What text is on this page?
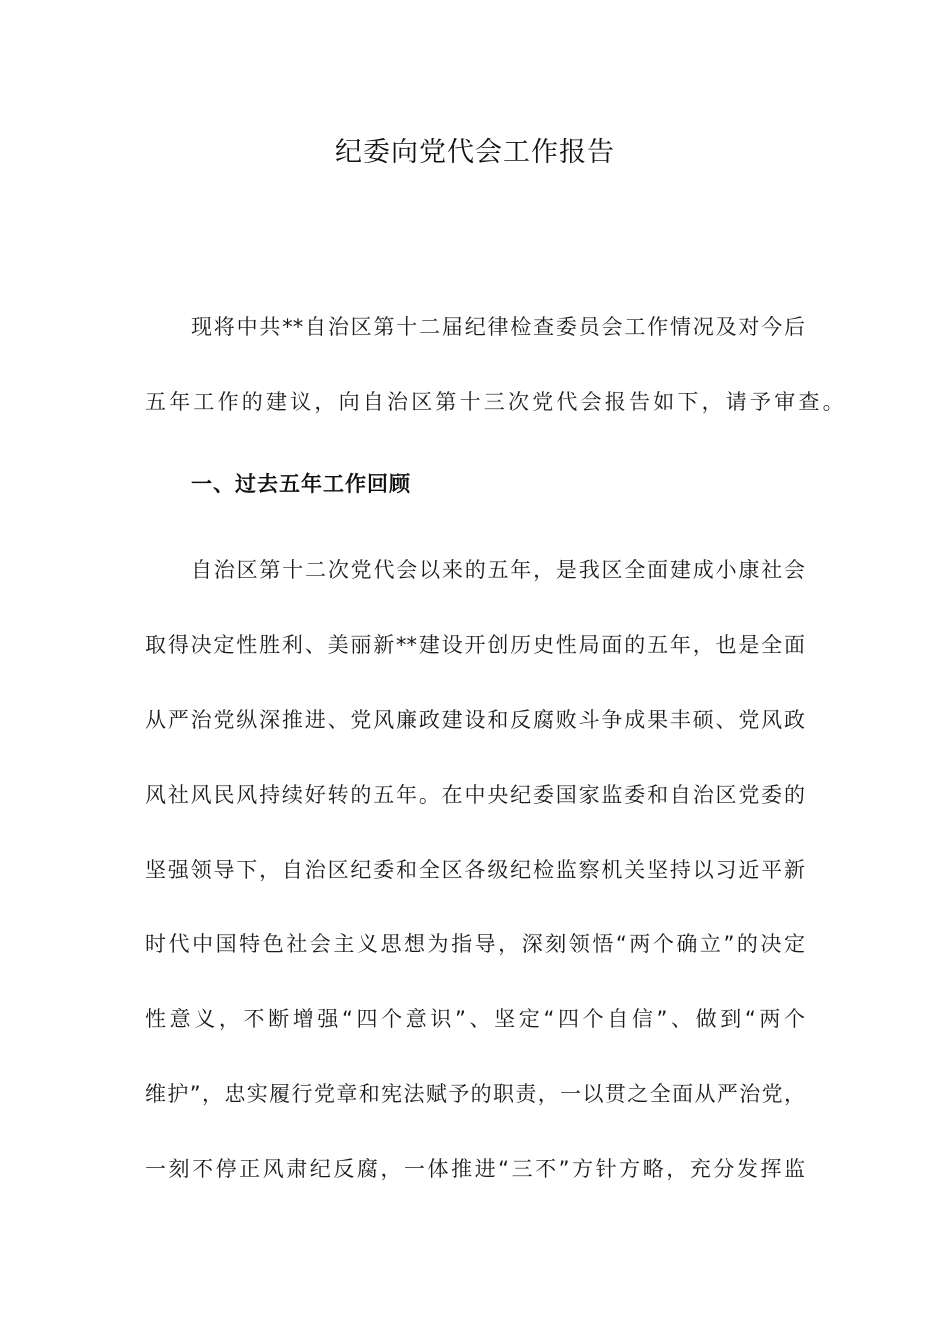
纪委向党代会工作报告
现将中共**自治区第十二届纪律检查委员会工作情况及对今后
五年工作的建议，向自治区第十三次党代会报告如下，请予审查。
一、过去五年工作回顾
自治区第十二次党代会以来的五年，是我区全面建成小康社会
取得决定性胜利、美丽新**建设开创历史性局面的五年，也是全面
从严治党纵深推进、党风廉政建设和反腐败斗争成果丰硕、党风政
风社风民风持续好转的五年。在中央纪委国家监委和自治区党委的
坚强领导下，自治区纪委和全区各级纪检监察机关坚持以习近平新
时代中国特色社会主义思想为指导，深刻领悟“两个确立”的决定
性意义，不断增强“四个意识”、坚定“四个自信”、做到“两个
维护”，忠实履行党章和宪法赋予的职责，一以贯之全面从严治党，
一刻不停正风肃纪反腐，一体推进“三不”方针方略，充分发挥监
